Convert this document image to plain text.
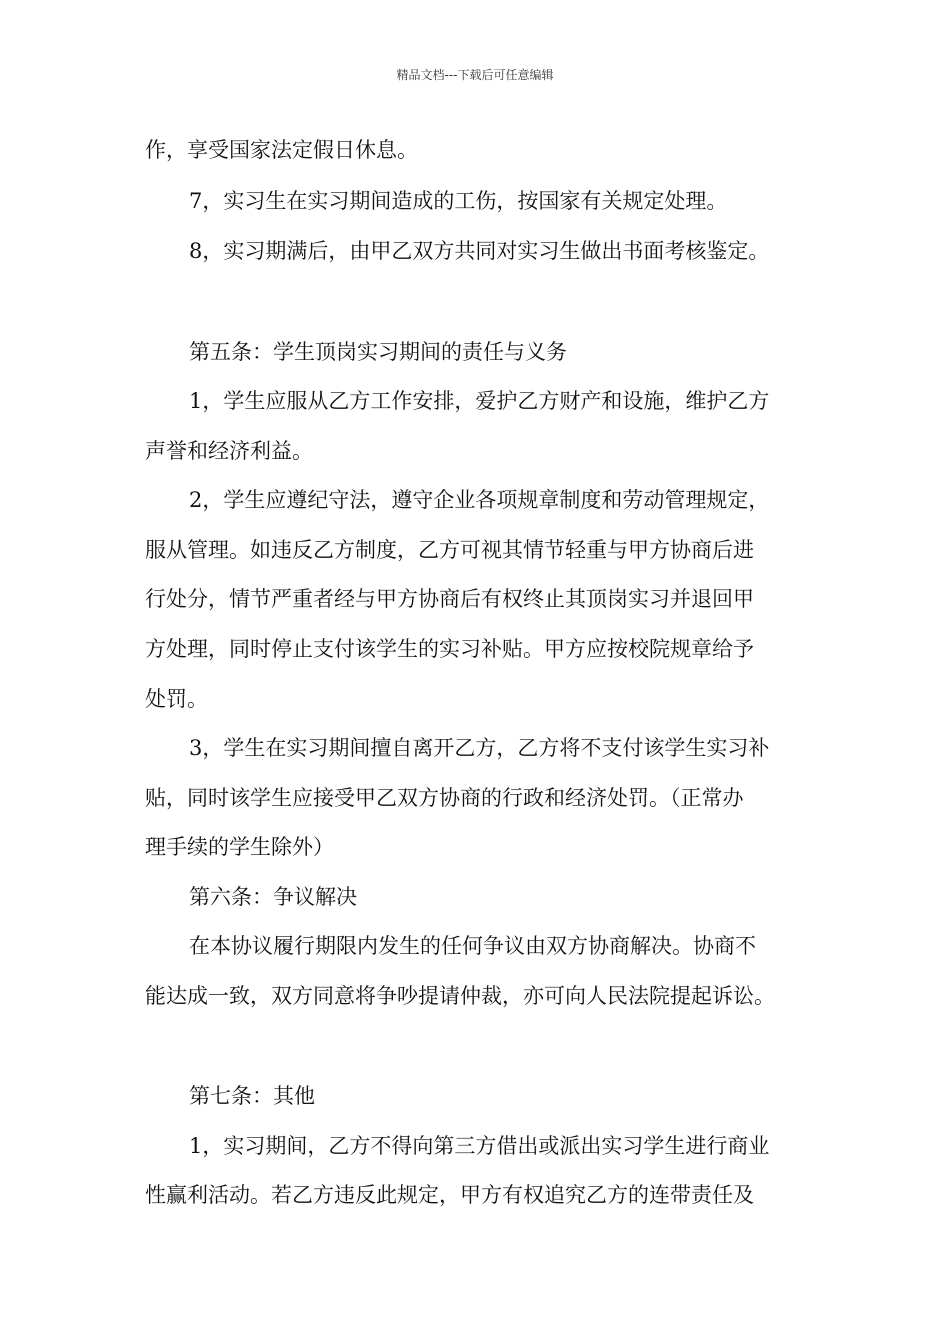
精品文档---下载后可任意编辑
作，享受国家法定假日休息。
7，实习生在实习期间造成的工伤，按国家有关规定处理。
8，实习期满后，由甲乙双方共同对实习生做出书面考核鉴定。
第五条：学生顶岗实习期间的责任与义务
1，学生应服从乙方工作安排，爱护乙方财产和设施，维护乙方
声誉和经济利益。
2，学生应遵纪守法，遵守企业各项规章制度和劳动管理规定，
服从管理。如违反乙方制度，乙方可视其情节轻重与甲方协商后进
行处分，情节严重者经与甲方协商后有权终止其顶岗实习并退回甲
方处理，同时停止支付该学生的实习补贴。甲方应按校院规章给予
处罚。
3，学生在实习期间擅自离开乙方，乙方将不支付该学生实习补
贴，同时该学生应接受甲乙双方协商的行政和经济处罚。（正常办
理手续的学生除外）
第六条：争议解决
在本协议履行期限内发生的任何争议由双方协商解决。协商不
能达成一致，双方同意将争吵提请仲裁，亦可向人民法院提起诉讼。
第七条：其他
1，实习期间，乙方不得向第三方借出或派出实习学生进行商业
性赢利活动。若乙方违反此规定，甲方有权追究乙方的连带责任及
